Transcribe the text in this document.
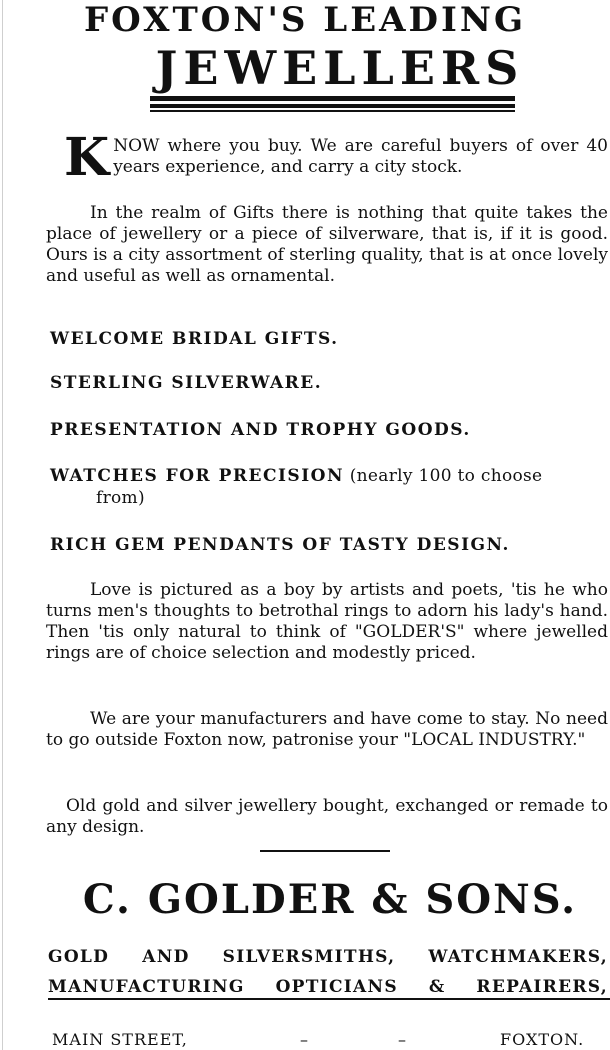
FOXTON'S LEADING
JEWELLERS
K NOW where you buy. We are careful buyers of over 40 years experience, and carry a city stock.
In the realm of Gifts there is nothing that quite takes the place of jewellery or a piece of silverware, that is, if it is good. Ours is a city assortment of sterling quality, that is at once lovely and useful as well as ornamental.
WELCOME BRIDAL GIFTS.
STERLING SILVERWARE.
PRESENTATION AND TROPHY GOODS.
WATCHES FOR PRECISION (nearly 100 to choose
from)
RICH GEM PENDANTS OF TASTY DESIGN.
Love is pictured as a boy by artists and poets, 'tis he who turns men's thoughts to betrothal rings to adorn his lady's hand. Then 'tis only natural to think of "GOLDER'S" where jewelled rings are of choice selection and modestly priced.
We are your manufacturers and have come to stay. No need to go outside Foxton now, patronise your "LOCAL INDUSTRY."
Old gold and silver jewellery bought, exchanged or remade to any design.
C. GOLDER & SONS.
GOLD AND SILVERSMITHS, WATCHMAKERS,
MANUFACTURING OPTICIANS & REPAIRERS,
MAIN STREET,	–	–	FOXTON.
